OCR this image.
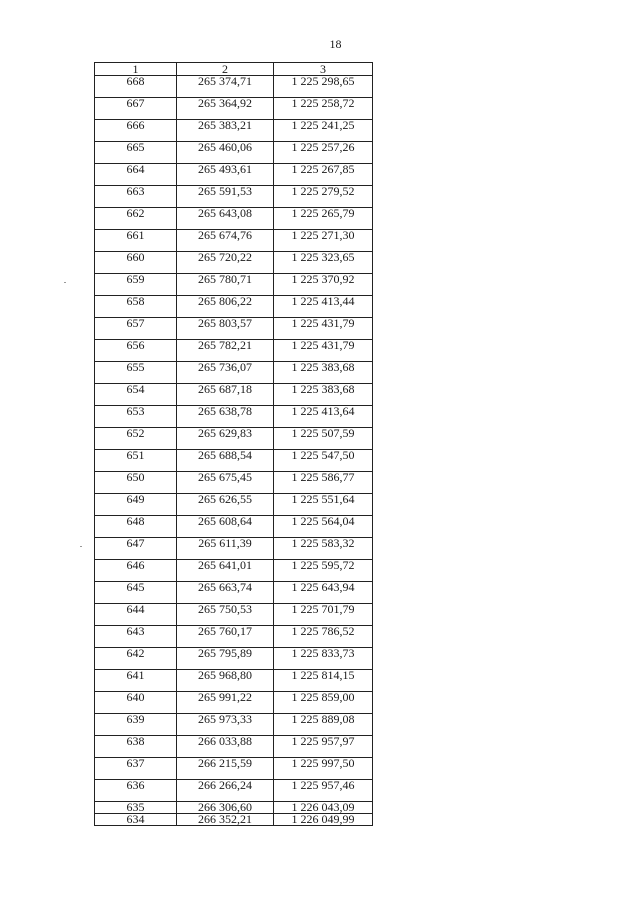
18
1	2	3
668	265 374,71	1 225 298,65
667	265 364,92	1 225 258,72
666	265 383,21	1 225 241,25
665	265 460,06	1 225 257,26
664	265 493,61	1 225 267,85
663	265 591,53	1 225 279,52
662	265 643,08	1 225 265,79
661	265 674,76	1 225 271,30
660	265 720,22	1 225 323,65
659	265 780,71	1 225 370,92
658	265 806,22	1 225 413,44
657	265 803,57	1 225 431,79
656	265 782,21	1 225 431,79
655	265 736,07	1 225 383,68
654	265 687,18	1 225 383,68
653	265 638,78	1 225 413,64
652	265 629,83	1 225 507,59
651	265 688,54	1 225 547,50
650	265 675,45	1 225 586,77
649	265 626,55	1 225 551,64
648	265 608,64	1 225 564,04
647	265 611,39	1 225 583,32
646	265 641,01	1 225 595,72
645	265 663,74	1 225 643,94
644	265 750,53	1 225 701,79
643	265 760,17	1 225 786,52
642	265 795,89	1 225 833,73
641	265 968,80	1 225 814,15
640	265 991,22	1 225 859,00
639	265 973,33	1 225 889,08
638	266 033,88	1 225 957,97
637	266 215,59	1 225 997,50
636	266 266,24	1 225 957,46
635	266 306,60	1 226 043,09
634	266 352,21	1 226 049,99
